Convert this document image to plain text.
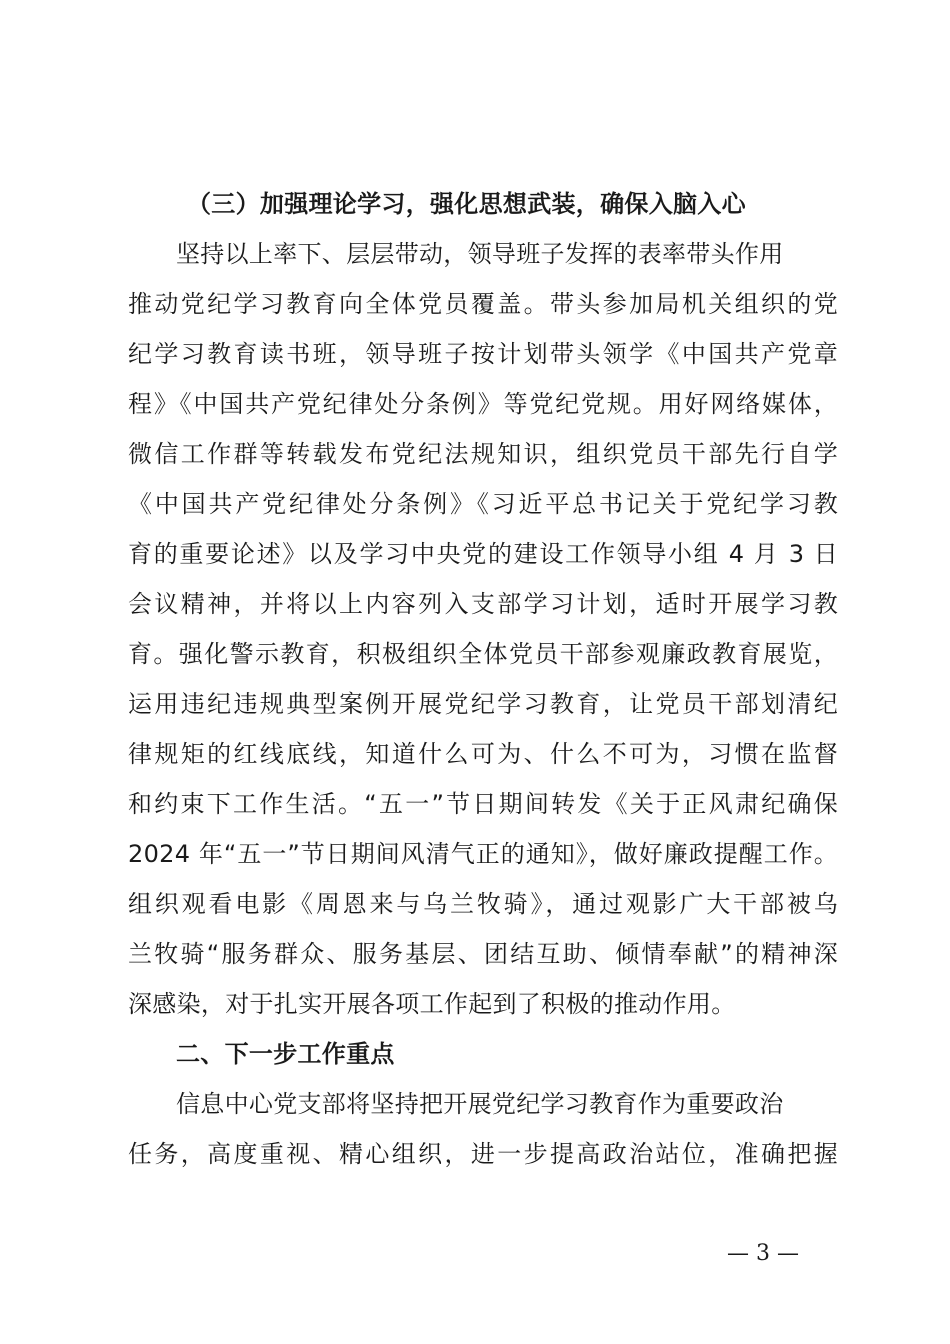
（三）加强理论学习，强化思想武装，确保入脑入心
坚持以上率下、层层带动，领导班子发挥的表率带头作用
推动党纪学习教育向全体党员覆盖。带头参加局机关组织的党
纪学习教育读书班，领导班子按计划带头领学《中国共产党章
程》《中国共产党纪律处分条例》等党纪党规。用好网络媒体，
微信工作群等转载发布党纪法规知识，组织党员干部先行自学
《中国共产党纪律处分条例》《习近平总书记关于党纪学习教
育的重要论述》以及学习中央党的建设工作领导小组 4 月 3 日
会议精神，并将以上内容列入支部学习计划，适时开展学习教
育。强化警示教育，积极组织全体党员干部参观廉政教育展览，
运用违纪违规典型案例开展党纪学习教育，让党员干部划清纪
律规矩的红线底线，知道什么可为、什么不可为，习惯在监督
和约束下工作生活。“五一”节日期间转发《关于正风肃纪确保
2024 年“五一”节日期间风清气正的通知》，做好廉政提醒工作。
组织观看电影《周恩来与乌兰牧骑》，通过观影广大干部被乌
兰牧骑“服务群众、服务基层、团结互助、倾情奉献”的精神深
深感染，对于扎实开展各项工作起到了积极的推动作用。
二、下一步工作重点
信息中心党支部将坚持把开展党纪学习教育作为重要政治
任务，高度重视、精心组织，进一步提高政治站位，准确把握
— 3 —
